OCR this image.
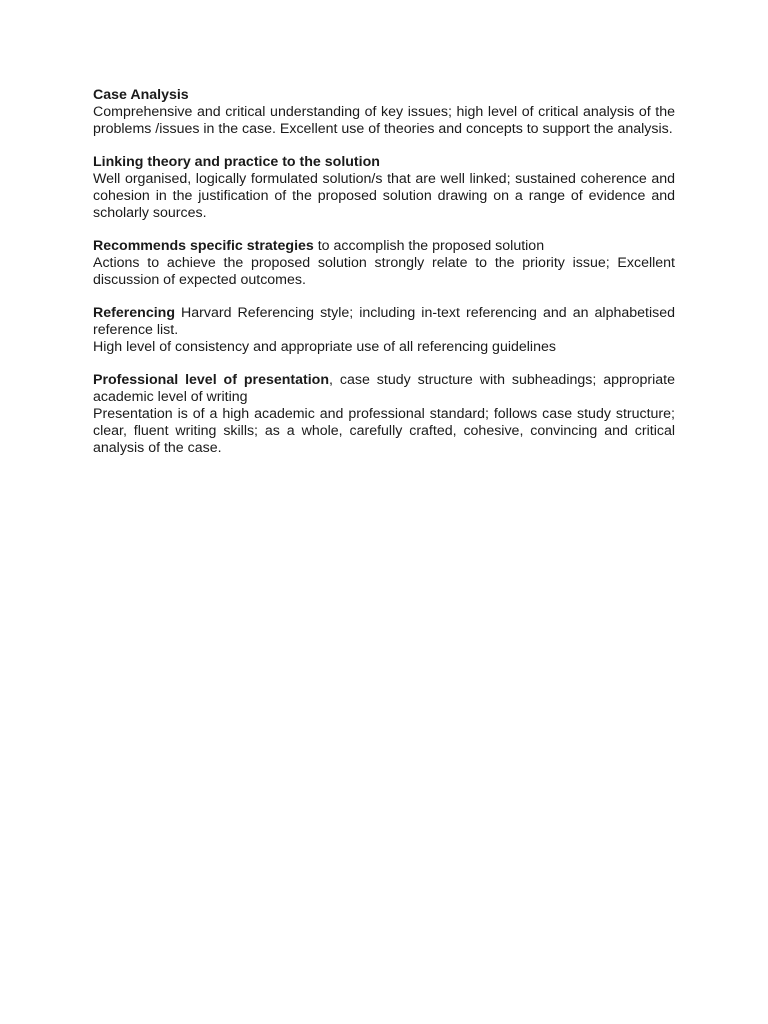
Case Analysis

Comprehensive and critical understanding of key issues; high level of critical analysis of the problems /issues in the case. Excellent use of theories and concepts to support the analysis.

Linking theory and practice to the solution

Well organised, logically formulated solution/s that are well linked; sustained coherence and cohesion in the justification of the proposed solution drawing on a range of evidence and scholarly sources.

Recommends specific strategies to accomplish the proposed solution

Actions to achieve the proposed solution strongly relate to the priority issue; Excellent discussion of expected outcomes.

Referencing Harvard Referencing style; including in-text referencing and an alphabetised reference list.

High level of consistency and appropriate use of all referencing guidelines

Professional level of presentation, case study structure with subheadings; appropriate academic level of writing

Presentation is of a high academic and professional standard; follows case study structure; clear, fluent writing skills; as a whole, carefully crafted, cohesive, convincing and critical analysis of the case.
